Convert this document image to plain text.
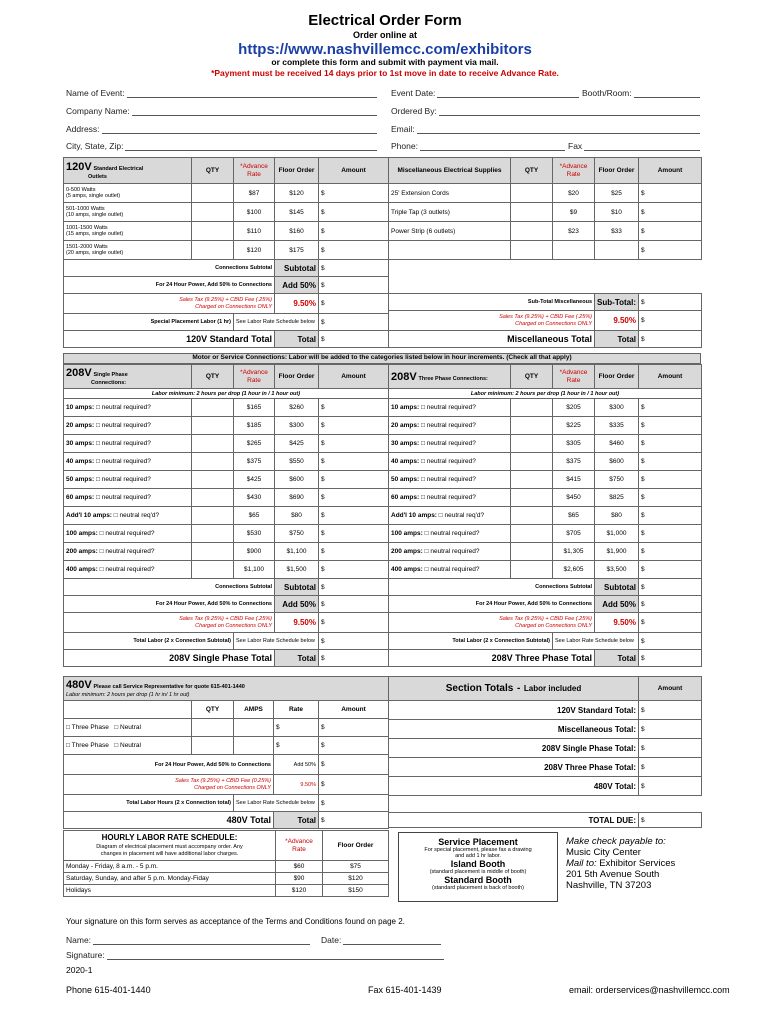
Electrical Order Form
Order online at
https://www.nashvillemcc.com/exhibitors
or complete this form and submit with payment via mail.
*Payment must be received 14 days prior to 1st move in date to receive Advance Rate.
Name of Event:	Event Date:	Booth/Room:
Company Name:	Ordered By:
Address:	Email:
City, State, Zip:	Phone:	Fax
120V Standard Electrical
Outlets	QTY	*Advance Rate	Floor Order	Amount
0-500 Watts
(5 amps, single outlet)		$87	$120	$
501-1000 Watts
(10 amps, single outlet)		$100	$145	$
1001-1500 Watts
(15 amps, single outlet)		$110	$160	$
1501-2000 Watts
(20 amps, single outlet)		$120	$175	$
Connections Subtotal			Subtotal	$
For 24 Hour Power, Add 50% to Connections			Add 50%	$
Sales Tax (9.25%) + CBID Fee (.25%)
Charged on Connections ONLY			9.50%	$
Special Placement Labor (1 hr)		See Labor Rate Schedule below		$
120V Standard Total			Total	$
Miscellaneous Electrical Supplies	QTY	*Advance Rate	Floor Order	Amount
25' Extension Cords		$20	$25	$
Triple Tap (3 outlets)		$9	$10	$
Power Strip (6 outlets)		$23	$33	$
				$

Sub-Total Miscellaneous			Sub-Total:	$
Sales Tax (9.25%) + CBID Fee (.25%)
Charged on Connections ONLY			9.50%	$
Miscellaneous Total			Total	$
Motor or Service Connections: Labor will be added to the categories listed below in hour increments. (Check all that apply)
208V Single Phase
Connections:	QTY	*Advance Rate	Floor Order	Amount
Labor minimum: 2 hours per drop (1 hour in / 1 hour out)				
10 amps: □ neutral required?		$165	$260	$
20 amps: □ neutral required?		$185	$300	$
30 amps: □ neutral required?		$265	$425	$
40 amps: □ neutral required?		$375	$550	$
50 amps: □ neutral required?		$425	$600	$
60 amps: □ neutral required?		$430	$690	$
Add'l 10 amps: □ neutral req'd?		$65	$80	$
100 amps: □ neutral required?		$530	$750	$
200 amps: □ neutral required?		$900	$1,100	$
400 amps: □ neutral required?		$1,100	$1,500	$
Connections Subtotal			Subtotal	$
For 24 Hour Power, Add 50% to Connections			Add 50%	$
Sales Tax (9.25%) + CBID Fee (.25%)
Charged on Connections ONLY			9.50%	$
Total Labor (2 x Connection Subtotal)		See Labor Rate Schedule below		$
208V Single Phase Total			Total	$
208V Three Phase Connections:	QTY	*Advance Rate	Floor Order	Amount
Labor minimum: 2 hours per drop (1 hour in / 1 hour out)				
10 amps: □ neutral required?		$205	$300	$
20 amps: □ neutral required?		$225	$335	$
30 amps: □ neutral required?		$305	$460	$
40 amps: □ neutral required?		$375	$600	$
50 amps: □ neutral required?		$415	$750	$
60 amps: □ neutral required?		$450	$825	$
Add'l 10 amps: □ neutral req'd?		$65	$80	$
100 amps: □ neutral required?		$705	$1,000	$
200 amps: □ neutral required?		$1,305	$1,900	$
400 amps: □ neutral required?		$2,605	$3,500	$
Connections Subtotal			Subtotal	$
For 24 Hour Power, Add 50% to Connections			Add 50%	$
Sales Tax (9.25%) + CBID Fee (.25%)
Charged on Connections ONLY			9.50%	$
Total Labor (2 x Connection Subtotal)		See Labor Rate Schedule below		$
208V Three Phase Total			Total	$
480V Please call Service Representative for quote 615-401-1440
Labor minimum: 2 hours per drop (1 hr in/ 1 hr out)				
	QTY	AMPS	Rate	Amount
□ Three Phase □ Neutral			$	$
□ Three Phase □ Neutral			$	$
For 24 Hour Power, Add 50% to Connections			Add 50%	$
Sales Tax (9.25%) + CBID Fee (0.25%)
Charged on Connections ONLY			9.50%	$
Total Labor Hours (2 x Connection total)		See Labor Rate Schedule below		$
480V Total			Total	$
Section Totals - Labor included	Amount
120V Standard Total:	$
Miscellaneous Total:	$
208V Single Phase Total:	$
208V Three Phase Total:	$
480V Total:	$

TOTAL DUE:	$
HOURLY LABOR RATE SCHEDULE:
Diagram of electrical placement must accompany order. Any
changes in placement will have additional labor charges.	*Advance Rate	Floor Order
Monday - Friday, 8 a.m. - 5 p.m.	$60	$75
Saturday, Sunday, and after 5 p.m. Monday-Fiday	$90	$120
Holidays	$120	$150
Service Placement
For special placement, please fax a drawing
and add 1 hr labor.
Island Booth
(standard placement is middle of booth)
Standard Booth
(standard placement is back of booth)
Make check payable to:
Music City Center
Mail to: Exhibitor Services
201 5th Avenue South
Nashville, TN 37203
Your signature on this form serves as acceptance of the Terms and Conditions found on page 2.
Name:	Date:
Signature:
2020-1
Phone 615-401-1440	Fax 615-401-1439	email: orderservices@nashvillemcc.com
